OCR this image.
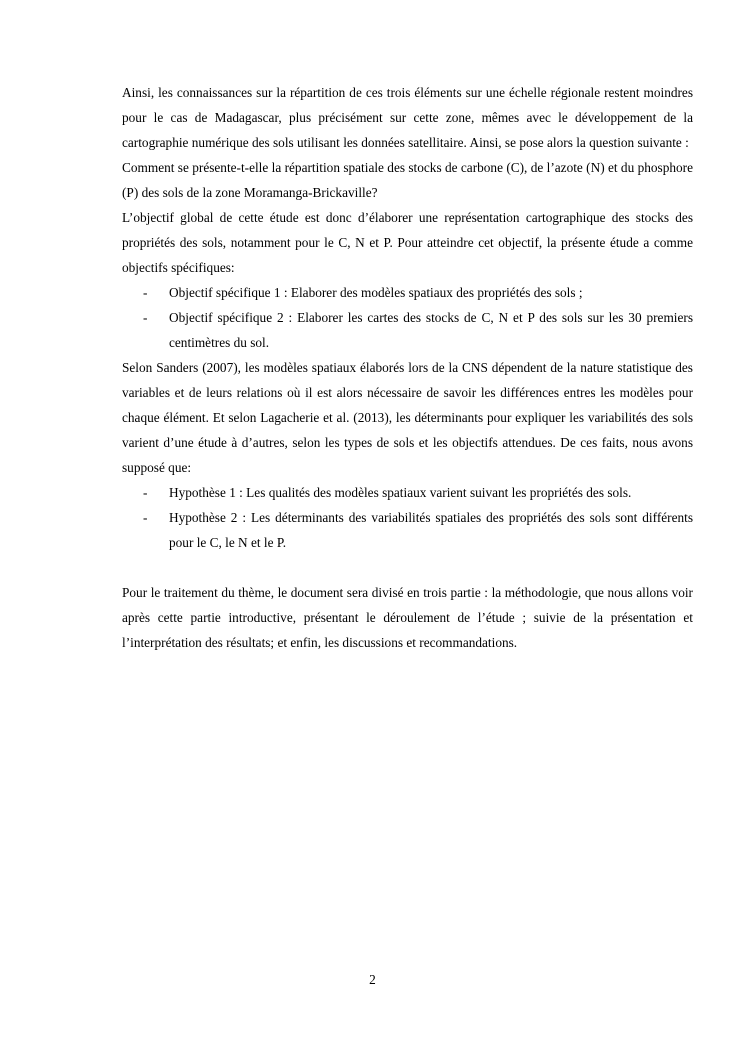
Ainsi, les connaissances sur la répartition de ces trois éléments sur une échelle régionale restent moindres pour le cas de Madagascar, plus précisément sur cette zone, mêmes avec le développement de la cartographie numérique des sols utilisant les données satellitaire. Ainsi, se pose alors la question suivante :

Comment se présente-t-elle la répartition spatiale des stocks de carbone (C), de l’azote (N) et du phosphore (P) des sols de la zone Moramanga-Brickaville?

L’objectif global de cette étude est donc d’élaborer une représentation cartographique des stocks des propriétés des sols, notamment pour le C, N et P. Pour atteindre cet objectif, la présente étude a comme objectifs spécifiques:

-	Objectif spécifique 1 : Elaborer des modèles spatiaux des propriétés des sols ;
-	Objectif spécifique 2 : Elaborer les cartes des stocks de C, N et P des sols sur les 30 premiers centimètres du sol.

Selon Sanders (2007), les modèles spatiaux élaborés lors de la CNS dépendent de la nature statistique des variables et de leurs relations où il est alors nécessaire de savoir les différences entres les modèles pour chaque élément. Et selon Lagacherie et al. (2013), les déterminants pour expliquer les variabilités des sols varient d’une étude à d’autres, selon les types de sols et les objectifs attendues. De ces faits, nous avons supposé que:

-	Hypothèse 1 : Les qualités des modèles spatiaux varient suivant les propriétés des sols.
-	Hypothèse 2 : Les déterminants des variabilités spatiales des propriétés des sols sont différents pour le C, le N et le P.

Pour le traitement du thème, le document sera divisé en trois partie : la méthodologie, que nous allons voir après cette partie introductive, présentant le déroulement de l’étude ; suivie de la présentation et l’interprétation des résultats; et enfin, les discussions et recommandations.

2
